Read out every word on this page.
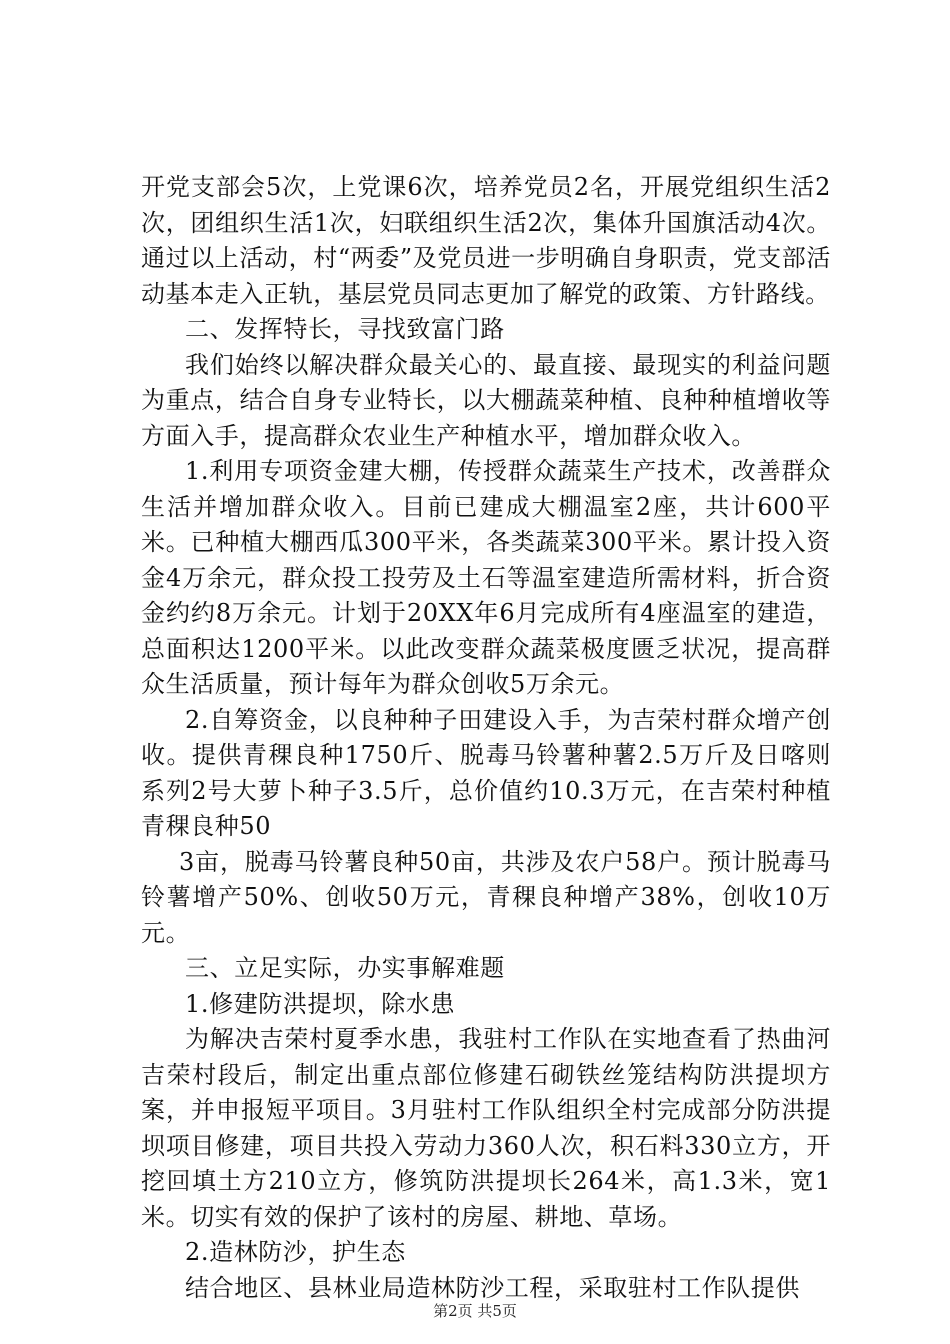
开党支部会5次，上党课6次，培养党员2名，开展党组织生活2次，团组织生活1次，妇联组织生活2次，集体升国旗活动4次。通过以上活动，村“两委”及党员进一步明确自身职责，党支部活动基本走入正轨，基层党员同志更加了解党的政策、方针路线。

二、发挥特长，寻找致富门路

我们始终以解决群众最关心的、最直接、最现实的利益问题为重点，结合自身专业特长，以大棚蔬菜种植、良种种植增收等方面入手，提高群众农业生产种植水平，增加群众收入。

1.利用专项资金建大棚，传授群众蔬菜生产技术，改善群众生活并增加群众收入。目前已建成大棚温室2座，共计600平米。已种植大棚西瓜300平米，各类蔬菜300平米。累计投入资金4万余元，群众投工投劳及土石等温室建造所需材料，折合资金约约8万余元。计划于20XX年6月完成所有4座温室的建造，总面积达1200平米。以此改变群众蔬菜极度匮乏状况，提高群众生活质量，预计每年为群众创收5万余元。

2.自筹资金，以良种种子田建设入手，为吉荣村群众增产创收。提供青稞良种1750斤、脱毒马铃薯种薯2.5万斤及日喀则系列2号大萝卜种子3.5斤，总价值约10.3万元，在吉荣村种植青稞良种50

3亩，脱毒马铃薯良种50亩，共涉及农户58户。预计脱毒马铃薯增产50%、创收50万元，青稞良种增产38%，创收10万元。

三、立足实际，办实事解难题

1.修建防洪提坝，除水患

为解决吉荣村夏季水患，我驻村工作队在实地查看了热曲河吉荣村段后，制定出重点部位修建石砌铁丝笼结构防洪提坝方案，并申报短平项目。3月驻村工作队组织全村完成部分防洪提坝项目修建，项目共投入劳动力360人次，积石料330立方，开挖回填土方210立方，修筑防洪提坝长264米，高1.3米，宽1米。切实有效的保护了该村的房屋、耕地、草场。

2.造林防沙，护生态

结合地区、县林业局造林防沙工程，采取驻村工作队提供

第2页 共5页
